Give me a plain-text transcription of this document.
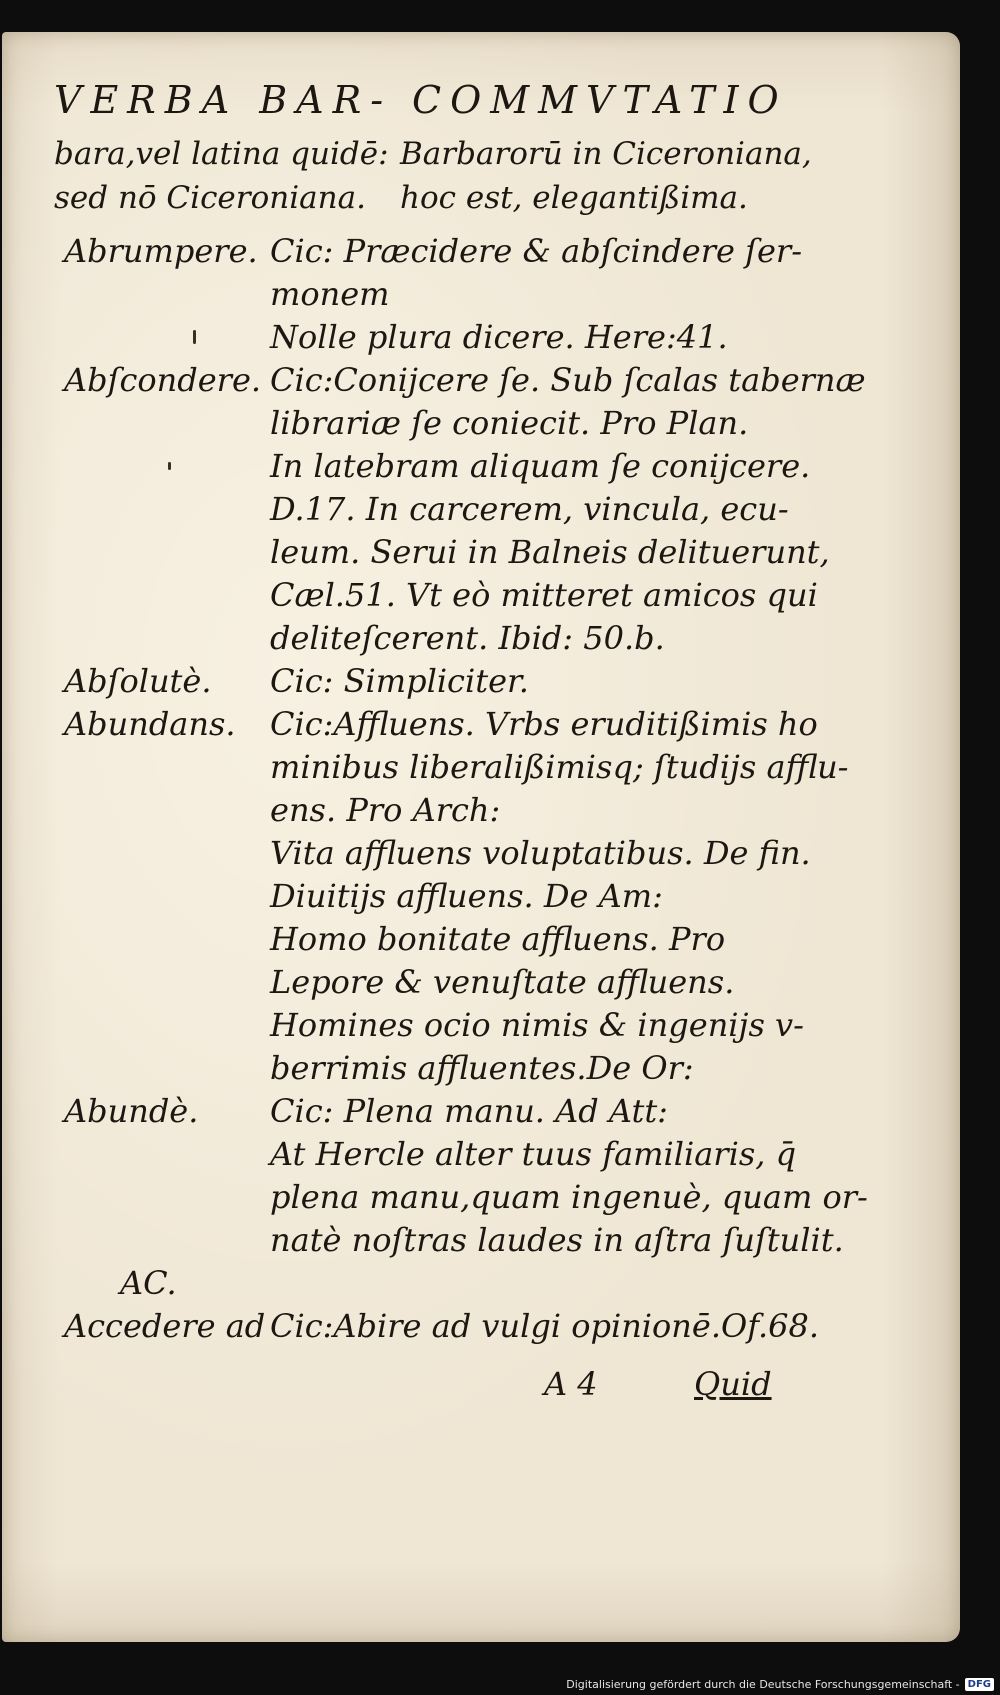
VERBA BAR- COMMVTATIO
bara,vel latina quidē:
sed nō Ciceroniana.
Barbarorū in Ciceroniana,
hoc est, elegantißima.
Abrumpere. Cic: Præcidere & abſcindere ſer-
monem
Nolle plura dicere. Here:41.
Abſcondere. Cic:Conijcere ſe. Sub ſcalas tabernæ
librariæ ſe coniecit. Pro Plan.
In latebram aliquam ſe conijcere.
D.17. In carcerem, vincula, ecu-
leum. Serui in Balneis delituerunt,
Cæl.51. Vt eò mitteret amicos qui
deliteſcerent. Ibid: 50.b.
Abſolutè.	Cic: Simpliciter.
Abundans.	Cic:Affluens. Vrbs eruditißimis ho
minibus liberalißimisq; ſtudijs afflu-
ens. Pro Arch:
Vita affluens voluptatibus. De fin.
Diuitijs affluens. De Am:
Homo bonitate affluens. Pro
Lepore & venuſtate affluens.
Homines ocio nimis & ingenijs v-
berrimis affluentes.De Or:
Abundè.	Cic: Plena manu. Ad Att:
At Hercle alter tuus familiaris, q̄
plena manu,quam ingenuè, quam or-
natè noſtras laudes in aſtra ſuſtulit.
AC.
Accedere ad Cic:Abire ad vulgi opinionē.Of.68.
A 4	Quid
Digitalisierung gefördert durch die Deutsche Forschungsgemeinschaft - DFG
